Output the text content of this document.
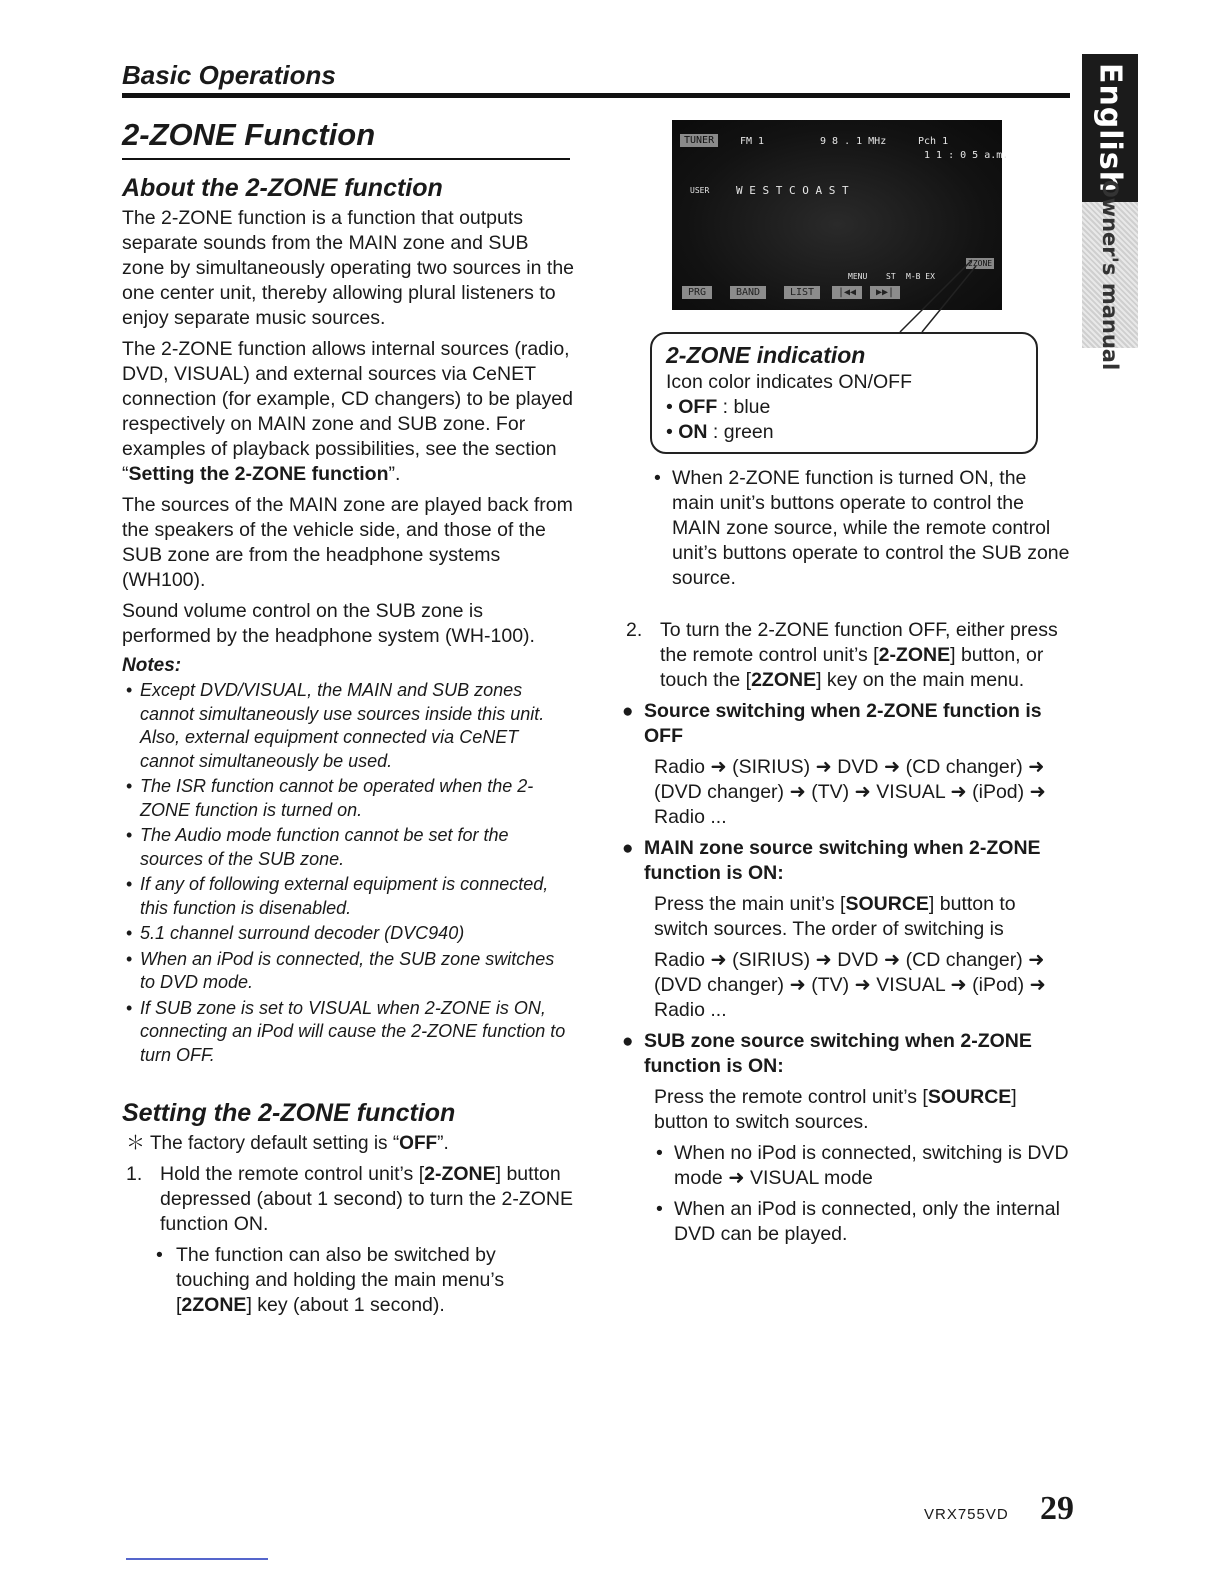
Basic Operations	English
Owner's manual
2-ZONE Function
About the 2-ZONE function

The 2-ZONE function is a function that outputs separate sounds from the MAIN zone and SUB zone by simultaneously operating two sources in the one center unit, thereby allowing plural listeners to enjoy separate music sources.

The 2-ZONE function allows internal sources (radio, DVD, VISUAL) and external sources via CeNET connection (for example, CD changers) to be played respectively on MAIN zone and SUB zone. For examples of playback possibilities, see the section “Setting the 2-ZONE function”.

The sources of the MAIN zone are played back from the speakers of the vehicle side, and those of the SUB zone are from the headphone systems (WH100).

Sound volume control on the SUB zone is performed by the headphone system (WH-100).

Notes:
• Except DVD/VISUAL, the MAIN and SUB zones cannot simultaneously use sources inside this unit. Also, external equipment connected via CeNET cannot simultaneously be used.
• The ISR function cannot be operated when the 2-ZONE function is turned on.
• The Audio mode function cannot be set for the sources of the SUB zone.
• If any of following external equipment is connected, this function is disenabled.
• 5.1 channel surround decoder (DVC940)
• When an iPod is connected, the SUB zone switches to DVD mode.
• If SUB zone is set to VISUAL when 2-ZONE is ON, connecting an iPod will cause the 2-ZONE function to turn OFF.
Setting the 2-ZONE function
＊ The factory default setting is “OFF”.
1. Hold the remote control unit’s [2-ZONE] button depressed (about 1 second) to turn the 2-ZONE function ON.
• The function can also be switched by touching and holding the main menu’s [2ZONE] key (about 1 second).
TUNER	FM 1	9 8 . 1 MHz	Pch 1
1 1 : 0 5 a.m.
USER W E S T C O A S T
MENU ST M-B EX
2ZONE
PRG	BAND	LIST	|◀◀	▶▶|
2-ZONE indication
Icon color indicates ON/OFF
• OFF : blue
• ON : green
• When 2-ZONE function is turned ON, the main unit’s buttons operate to control the MAIN zone source, while the remote control unit’s buttons operate to control the SUB zone source.
2. To turn the 2-ZONE function OFF, either press the remote control unit’s [2-ZONE] button, or touch the [2ZONE] key on the main menu.
● Source switching when 2-ZONE function is OFF
Radio ➜ (SIRIUS) ➜ DVD ➜ (CD changer) ➜ (DVD changer) ➜ (TV) ➜ VISUAL ➜ (iPod) ➜ Radio ...
● MAIN zone source switching when 2-ZONE function is ON:
Press the main unit’s [SOURCE] button to switch sources. The order of switching is
Radio ➜ (SIRIUS) ➜ DVD ➜ (CD changer) ➜ (DVD changer) ➜ (TV) ➜ VISUAL ➜ (iPod) ➜ Radio ...
● SUB zone source switching when 2-ZONE function is ON:
Press the remote control unit’s [SOURCE] button to switch sources.
• When no iPod is connected, switching is DVD mode ➜ VISUAL mode
• When an iPod is connected, only the internal DVD can be played.
VRX755VD 29
